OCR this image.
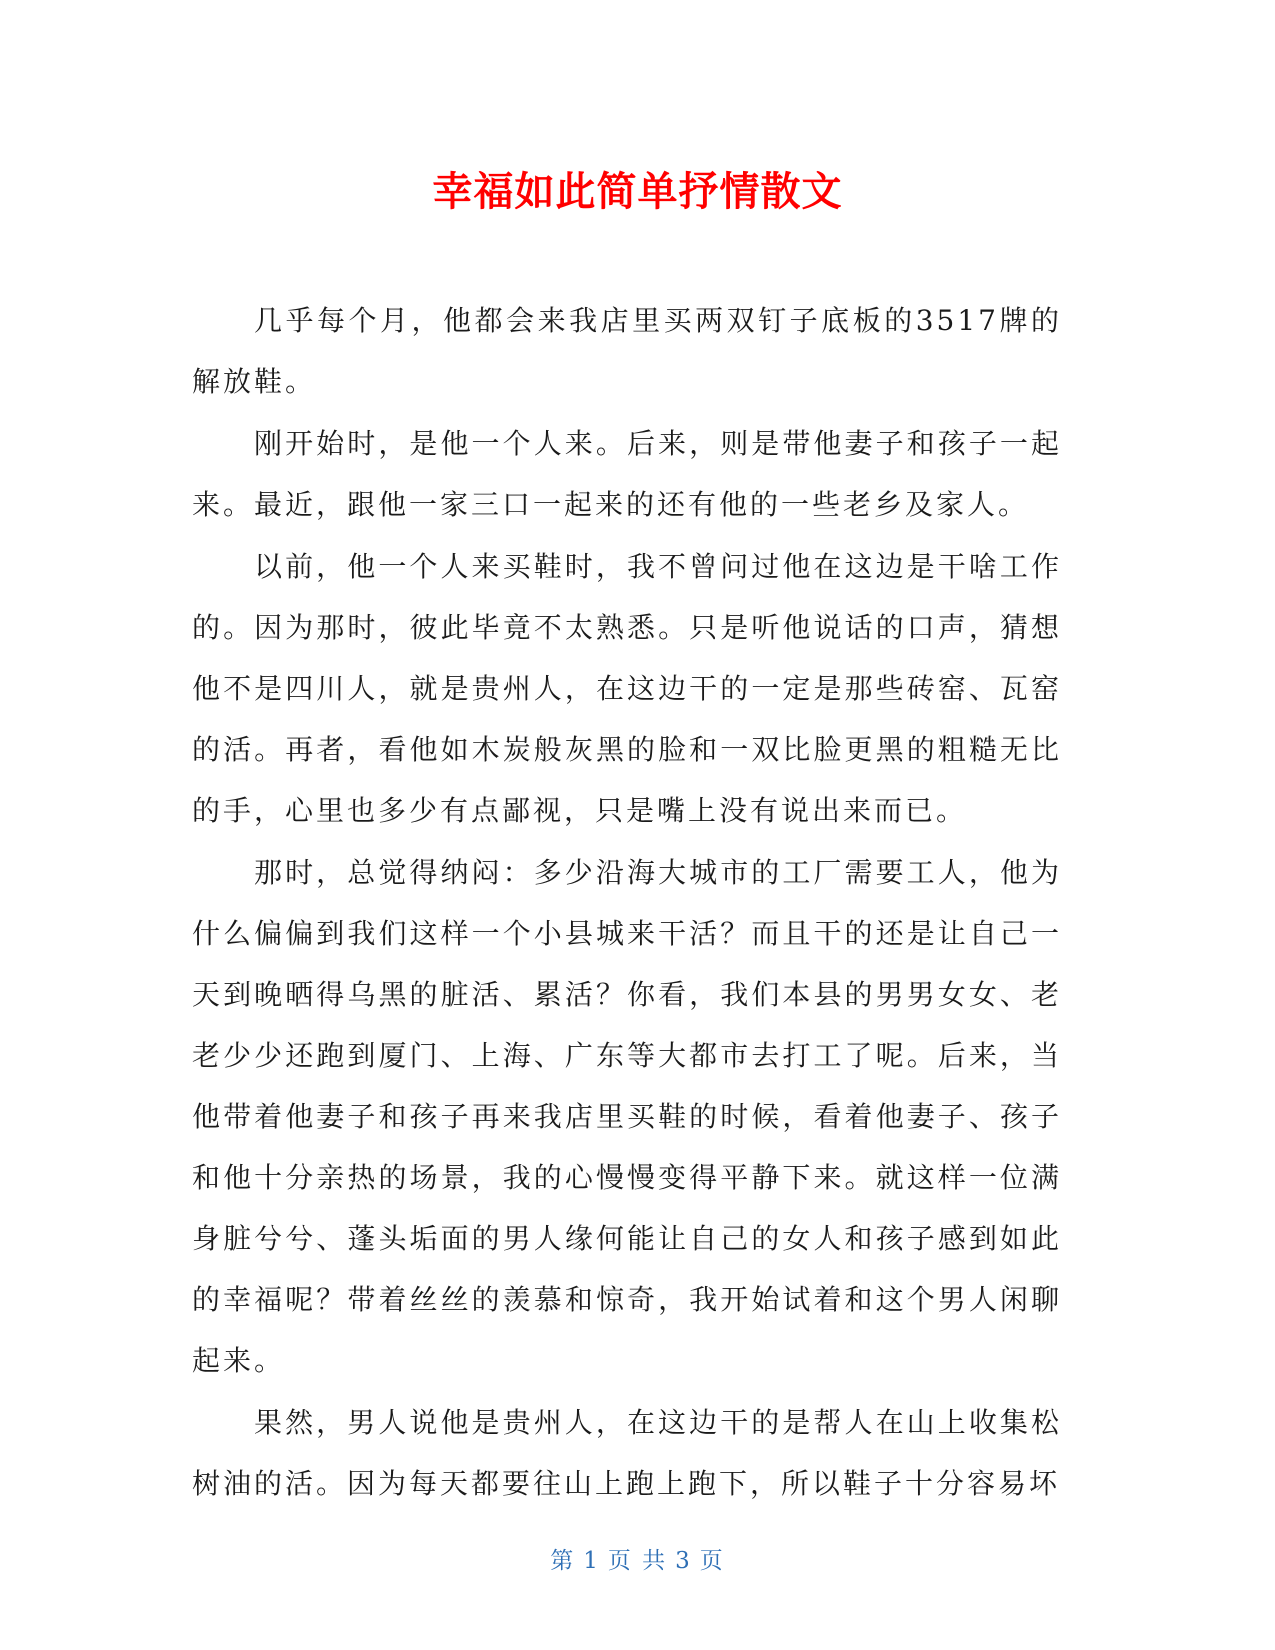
幸福如此简单抒情散文

几乎每个月，他都会来我店里买两双钉子底板的3517牌的解放鞋。

刚开始时，是他一个人来。后来，则是带他妻子和孩子一起来。最近，跟他一家三口一起来的还有他的一些老乡及家人。

以前，他一个人来买鞋时，我不曾问过他在这边是干啥工作的。因为那时，彼此毕竟不太熟悉。只是听他说话的口声，猜想他不是四川人，就是贵州人，在这边干的一定是那些砖窑、瓦窑的活。再者，看他如木炭般灰黑的脸和一双比脸更黑的粗糙无比的手，心里也多少有点鄙视，只是嘴上没有说出来而已。

那时，总觉得纳闷：多少沿海大城市的工厂需要工人，他为什么偏偏到我们这样一个小县城来干活？而且干的还是让自己一天到晚晒得乌黑的脏活、累活？你看，我们本县的男男女女、老老少少还跑到厦门、上海、广东等大都市去打工了呢。后来，当他带着他妻子和孩子再来我店里买鞋的时候，看着他妻子、孩子和他十分亲热的场景，我的心慢慢变得平静下来。就这样一位满身脏兮兮、蓬头垢面的男人缘何能让自己的女人和孩子感到如此的幸福呢？带着丝丝的羡慕和惊奇，我开始试着和这个男人闲聊起来。

果然，男人说他是贵州人，在这边干的是帮人在山上收集松树油的活。因为每天都要往山上跑上跑下，所以鞋子十分容易坏

第 1 页 共 3 页
